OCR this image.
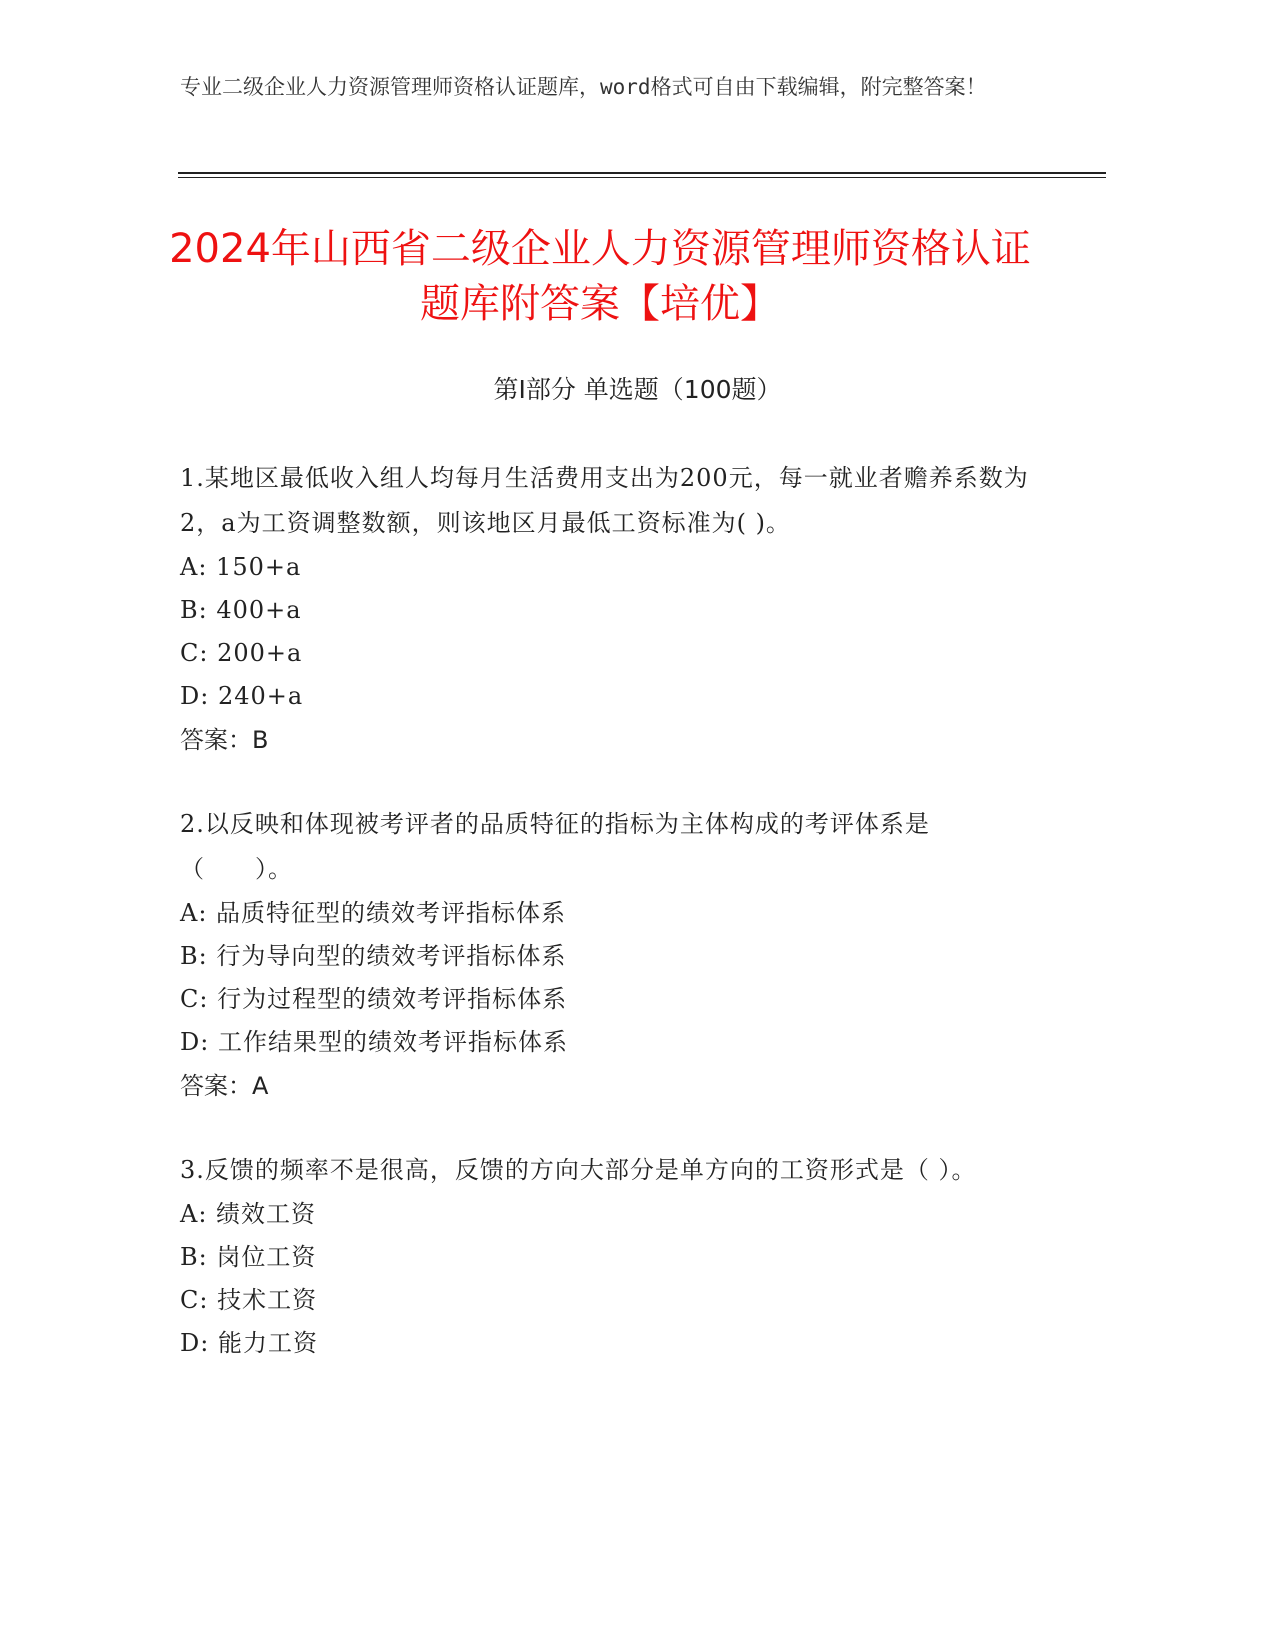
专业二级企业人力资源管理师资格认证题库，word格式可自由下载编辑，附完整答案！
2024年山西省二级企业人力资源管理师资格认证题库附答案【培优】
第I部分 单选题（100题）
1.某地区最低收入组人均每月生活费用支出为200元，每一就业者赡养系数为2，a为工资调整数额，则该地区月最低工资标准为( )。
A: 150+a
B: 400+a
C: 200+a
D: 240+a
答案：B
2.以反映和体现被考评者的品质特征的指标为主体构成的考评体系是（　　）。
A: 品质特征型的绩效考评指标体系
B: 行为导向型的绩效考评指标体系
C: 行为过程型的绩效考评指标体系
D: 工作结果型的绩效考评指标体系
答案：A
3.反馈的频率不是很高，反馈的方向大部分是单方向的工资形式是（ ）。
A: 绩效工资
B: 岗位工资
C: 技术工资
D: 能力工资
